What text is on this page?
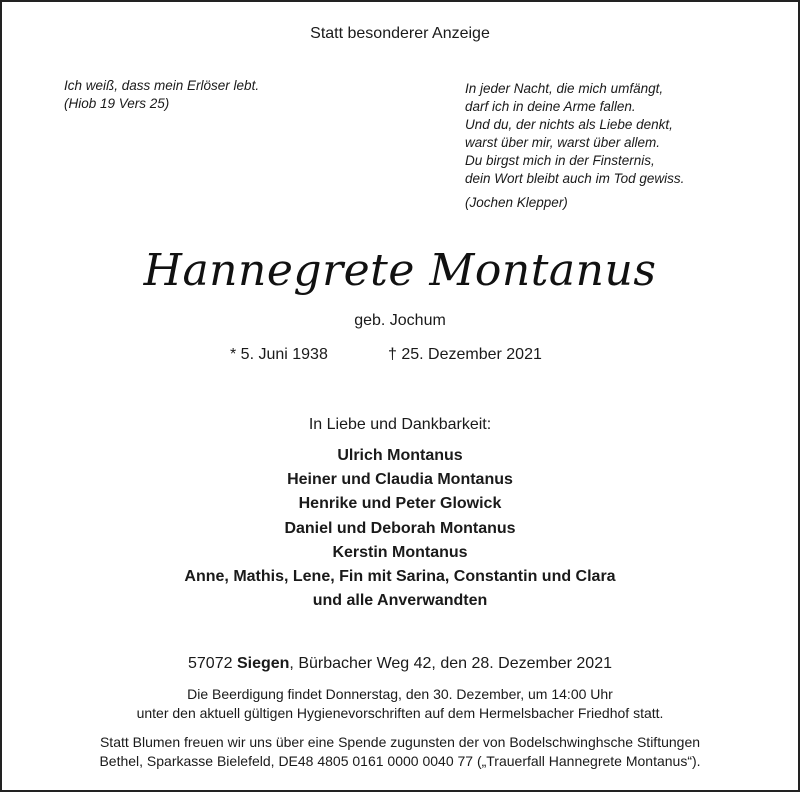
Statt besonderer Anzeige
Ich weiß, dass mein Erlöser lebt.
(Hiob 19 Vers 25)
In jeder Nacht, die mich umfängt,
darf ich in deine Arme fallen.
Und du, der nichts als Liebe denkt,
warst über mir, warst über allem.
Du birgst mich in der Finsternis,
dein Wort bleibt auch im Tod gewiss.
(Jochen Klepper)
Hannegrete Montanus
geb. Jochum
* 5. Juni 1938	† 25. Dezember 2021
In Liebe und Dankbarkeit:
Ulrich Montanus
Heiner und Claudia Montanus
Henrike und Peter Glowick
Daniel und Deborah Montanus
Kerstin Montanus
Anne, Mathis, Lene, Fin mit Sarina, Constantin und Clara
und alle Anverwandten
57072 Siegen, Bürbacher Weg 42, den 28. Dezember 2021
Die Beerdigung findet Donnerstag, den 30. Dezember, um 14:00 Uhr
unter den aktuell gültigen Hygienevorschriften auf dem Hermelsbacher Friedhof statt.
Statt Blumen freuen wir uns über eine Spende zugunsten der von Bodelschwinghsche Stiftungen
Bethel, Sparkasse Bielefeld, DE48 4805 0161 0000 0040 77 („Trauerfall Hannegrete Montanus“).
